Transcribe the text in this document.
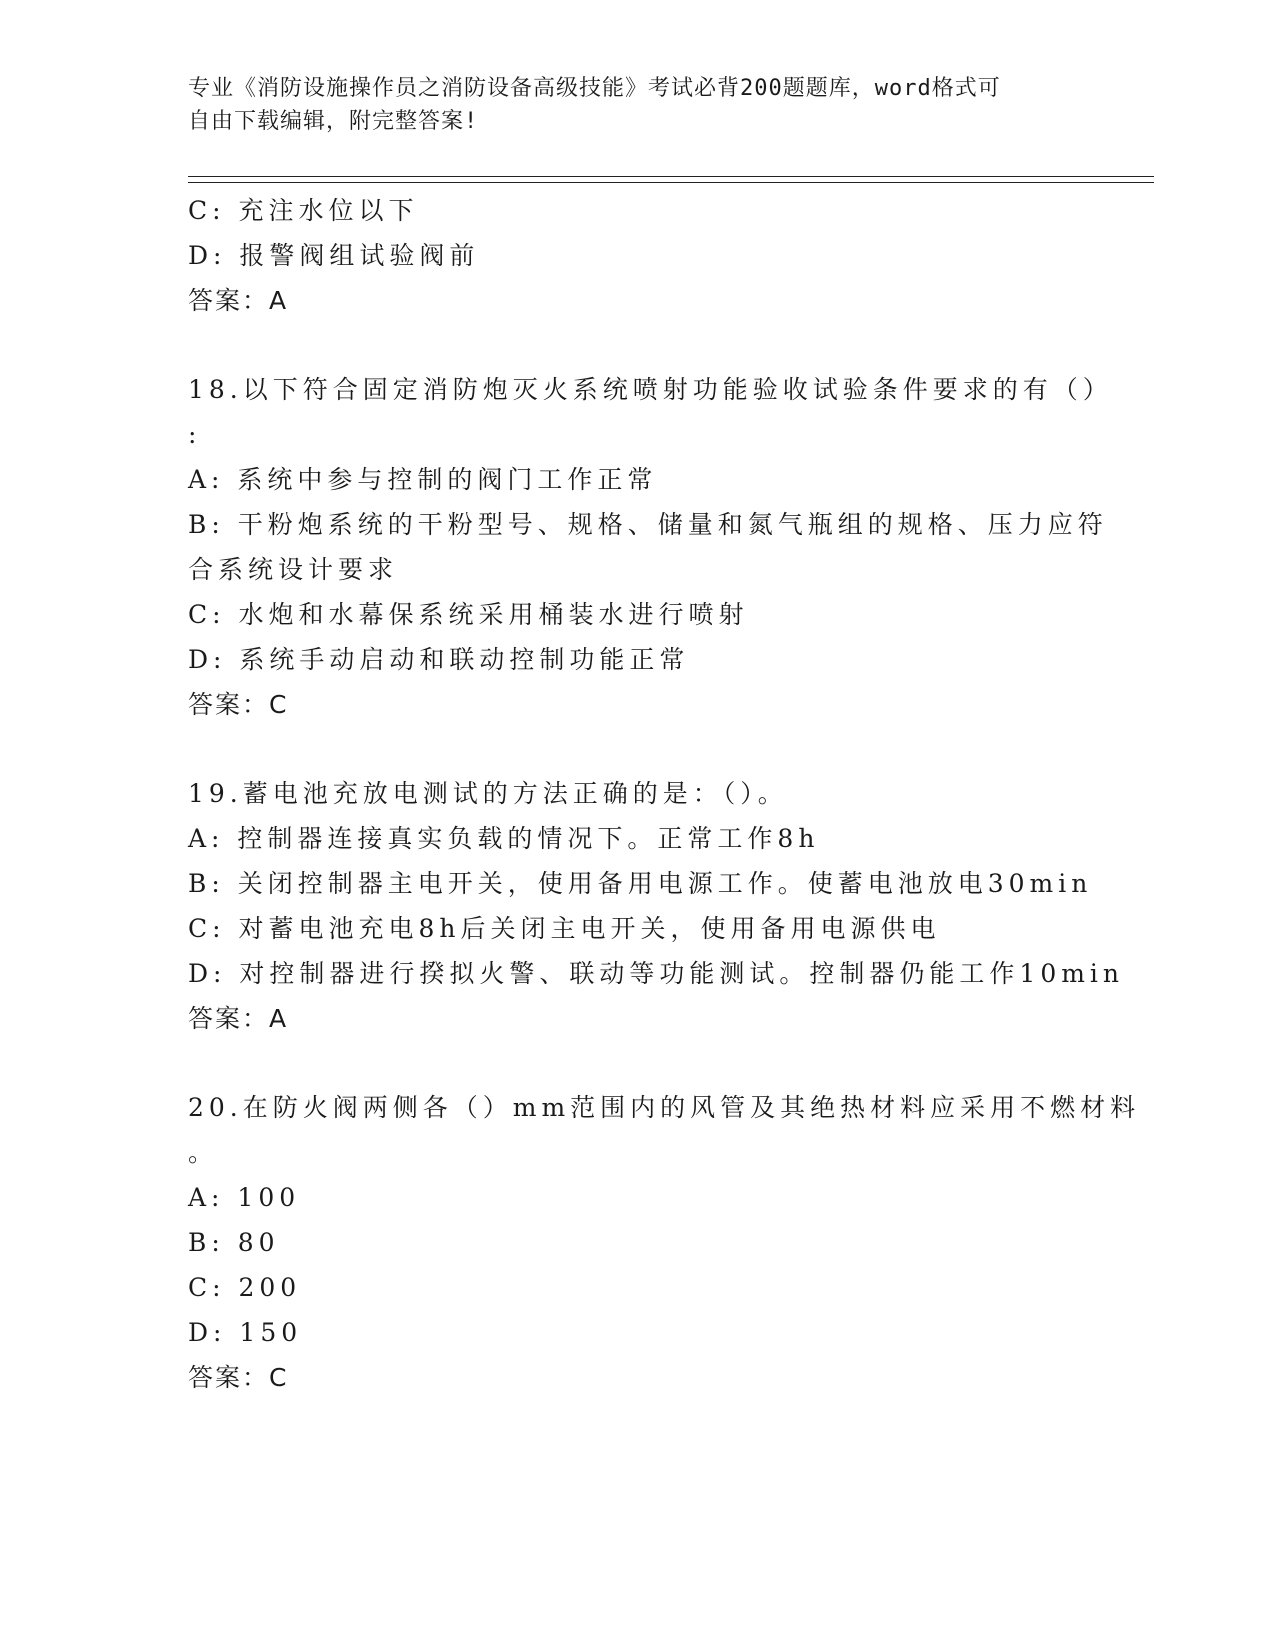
专业《消防设施操作员之消防设备高级技能》考试必背200题题库，word格式可
自由下载编辑，附完整答案!
C: 充注水位以下
D: 报警阀组试验阀前
答案：A
18.以下符合固定消防炮灭火系统喷射功能验收试验条件要求的有（）
:
A: 系统中参与控制的阀门工作正常
B: 干粉炮系统的干粉型号、规格、储量和氮气瓶组的规格、压力应符
合系统设计要求
C: 水炮和水幕保系统采用桶装水进行喷射
D: 系统手动启动和联动控制功能正常
答案：C
19.蓄电池充放电测试的方法正确的是：（）。
A: 控制器连接真实负载的情况下。正常工作8h
B: 关闭控制器主电开关，使用备用电源工作。使蓄电池放电30min
C: 对蓄电池充电8h后关闭主电开关，使用备用电源供电
D: 对控制器进行揆拟火警、联动等功能测试。控制器仍能工作10min
答案：A
20.在防火阀两侧各（）mm范围内的风管及其绝热材料应采用不燃材料
。
A: 100
B: 80
C: 200
D: 150
答案：C
